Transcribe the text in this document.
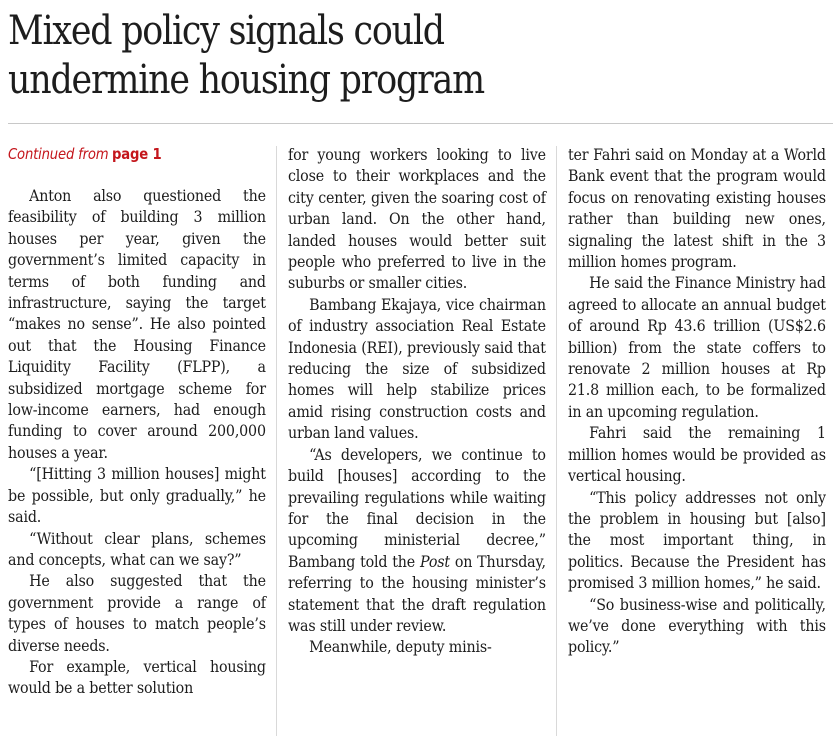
Mixed policy signals could
undermine housing program
Continued from page 1

Anton also questioned the feasibility of building 3 million houses per year, given the government’s limited capacity in terms of both funding and infrastructure, saying the target “makes no sense”. He also pointed out that the Housing Finance Liquidity Facility (FLPP), a subsidized mortgage scheme for low-income earners, had enough funding to cover around 200,000 houses a year.

“[Hitting 3 million houses] might be possible, but only gradually,” he said.

“Without clear plans, schemes and concepts, what can we say?”

He also suggested that the government provide a range of types of houses to match people’s diverse needs.

For example, vertical housing would be a better solution

for young workers looking to live close to their workplaces and the city center, given the soaring cost of urban land. On the other hand, landed houses would better suit people who preferred to live in the suburbs or smaller cities.

Bambang Ekajaya, vice chairman of industry association Real Estate Indonesia (REI), previously said that reducing the size of subsidized homes will help stabilize prices amid rising construction costs and urban land values.

“As developers, we continue to build [houses] according to the prevailing regulations while waiting for the final decision in the upcoming ministerial decree,” Bambang told the Post on Thursday, referring to the housing minister’s statement that the draft regulation was still under review.

Meanwhile, deputy minis-

ter Fahri said on Monday at a World Bank event that the program would focus on renovating existing houses rather than building new ones, signaling the latest shift in the 3 million homes program.

He said the Finance Ministry had agreed to allocate an annual budget of around Rp 43.6 trillion (US$2.6 billion) from the state coffers to renovate 2 million houses at Rp 21.8 million each, to be formalized in an upcoming regulation.

Fahri said the remaining 1 million homes would be provided as vertical housing.

“This policy addresses not only the problem in housing but [also] the most important thing, in politics. Because the President has promised 3 million homes,” he said.

“So business-wise and politically, we’ve done everything with this policy.”
